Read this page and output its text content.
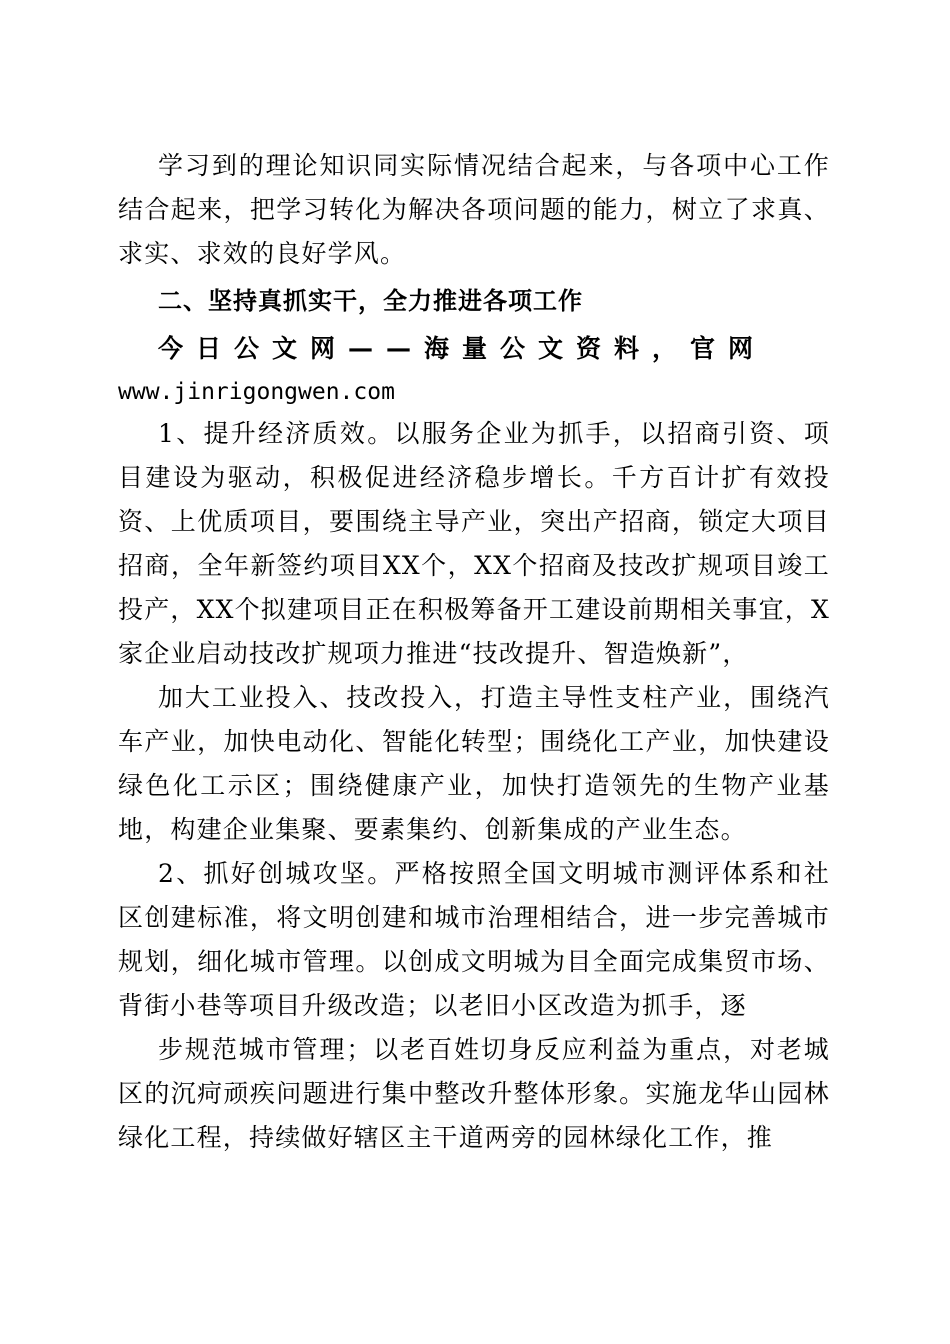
学习到的理论知识同实际情况结合起来，与各项中心工作结合起来，把学习转化为解决各项问题的能力，树立了求真、求实、求效的良好学风。

二、坚持真抓实干，全力推进各项工作

今日公文网——海量公文资料，官网

www.jinrigongwen.com

1、提升经济质效。以服务企业为抓手，以招商引资、项目建设为驱动，积极促进经济稳步增长。千方百计扩有效投资、上优质项目，要围绕主导产业，突出产招商，锁定大项目招商，全年新签约项目XX个，XX个招商及技改扩规项目竣工投产，XX个拟建项目正在积极筹备开工建设前期相关事宜，X家企业启动技改扩规项力推进“技改提升、智造焕新”，

加大工业投入、技改投入，打造主导性支柱产业，围绕汽车产业，加快电动化、智能化转型；围绕化工产业，加快建设绿色化工示区；围绕健康产业，加快打造领先的生物产业基地，构建企业集聚、要素集约、创新集成的产业生态。

2、抓好创城攻坚。严格按照全国文明城市测评体系和社区创建标准，将文明创建和城市治理相结合，进一步完善城市规划，细化城市管理。以创成文明城为目全面完成集贸市场、背街小巷等项目升级改造；以老旧小区改造为抓手，逐

步规范城市管理；以老百姓切身反应利益为重点，对老城区的沉疴顽疾问题进行集中整改升整体形象。实施龙华山园林绿化工程，持续做好辖区主干道两旁的园林绿化工作，推
